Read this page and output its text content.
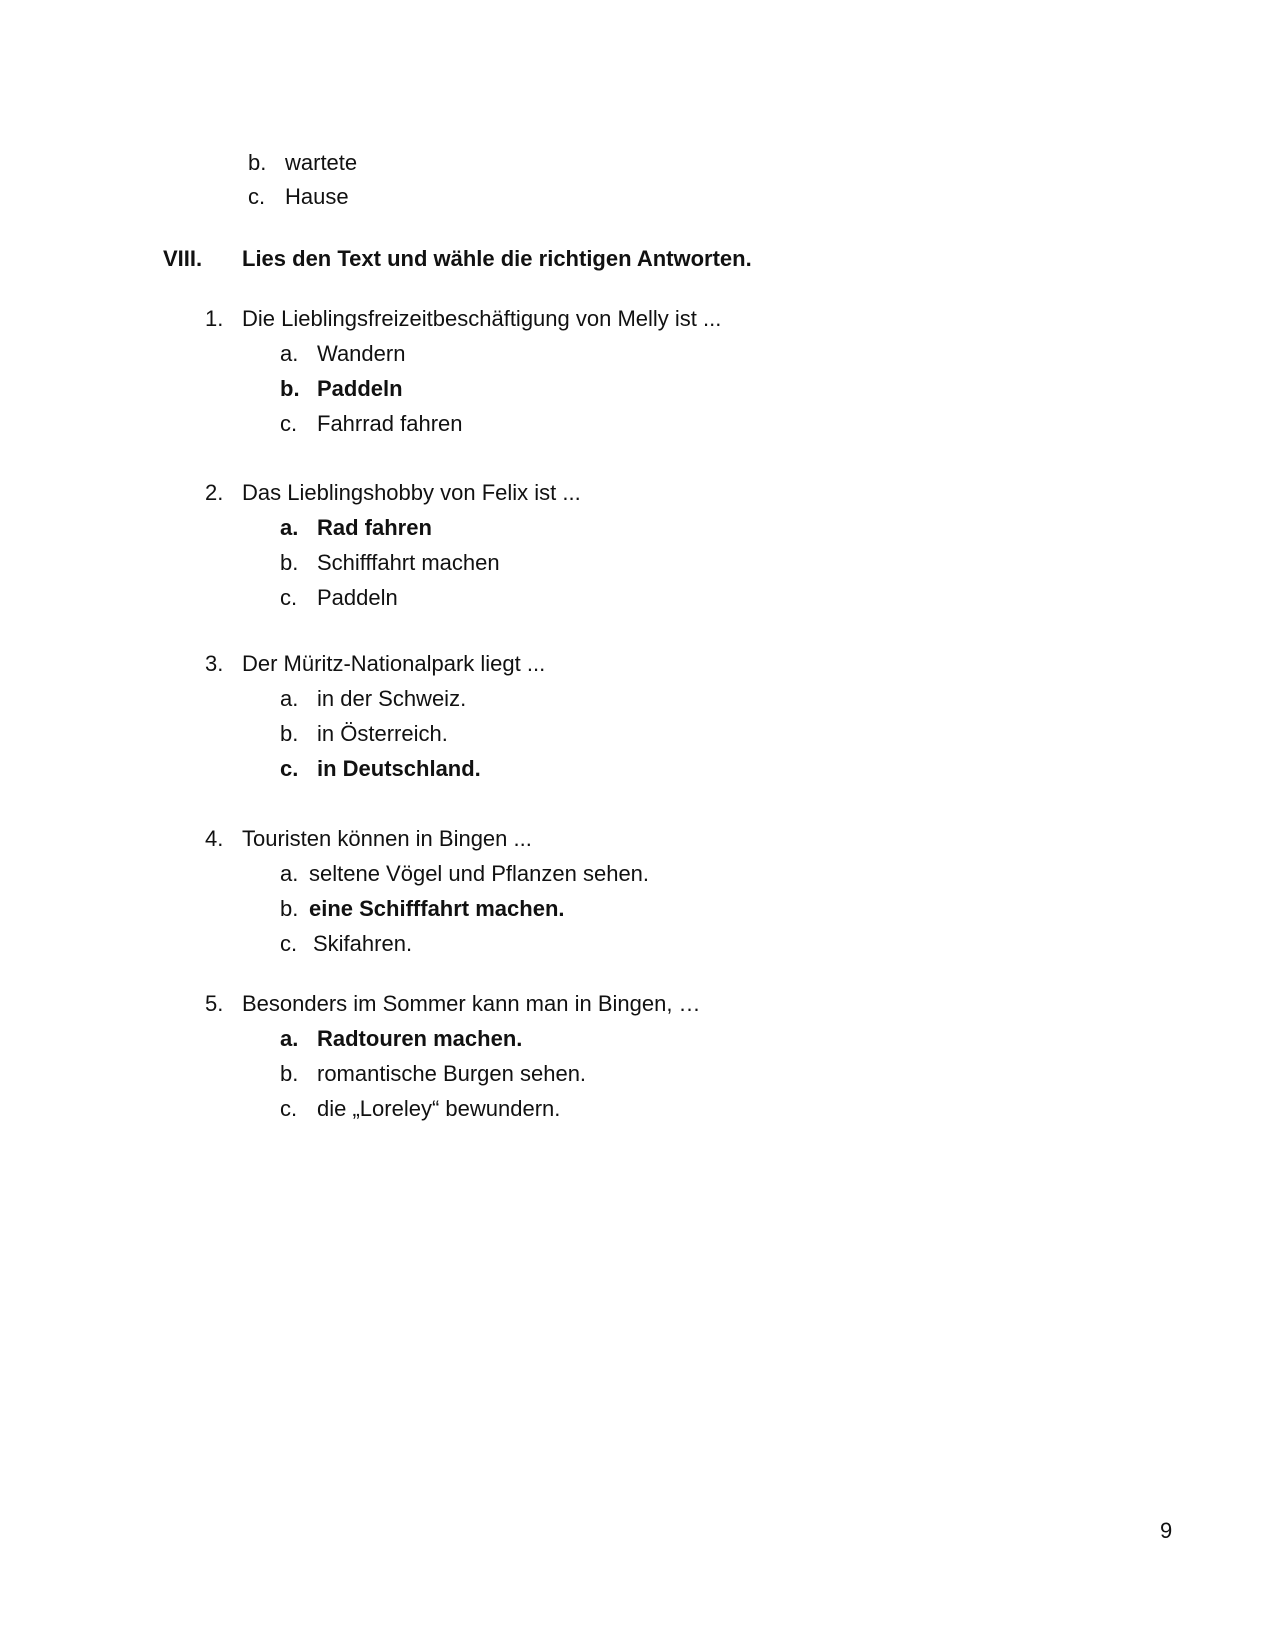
b. wartete
c. Hause
VIII. Lies den Text und wähle die richtigen Antworten.
1. Die Lieblingsfreizeitbeschäftigung von Melly ist ...
a. Wandern
b. Paddeln
c. Fahrrad fahren
2. Das Lieblingshobby von Felix ist ...
a. Rad fahren
b. Schifffahrt machen
c. Paddeln
3. Der Müritz-Nationalpark liegt ...
a. in der Schweiz.
b. in Österreich.
c. in Deutschland.
4. Touristen können in Bingen ...
a. seltene Vögel und Pflanzen sehen.
b. eine Schifffahrt machen.
c. Skifahren.
5. Besonders im Sommer kann man in Bingen, …
a. Radtouren machen.
b. romantische Burgen sehen.
c. die „Loreley“ bewundern.
9
